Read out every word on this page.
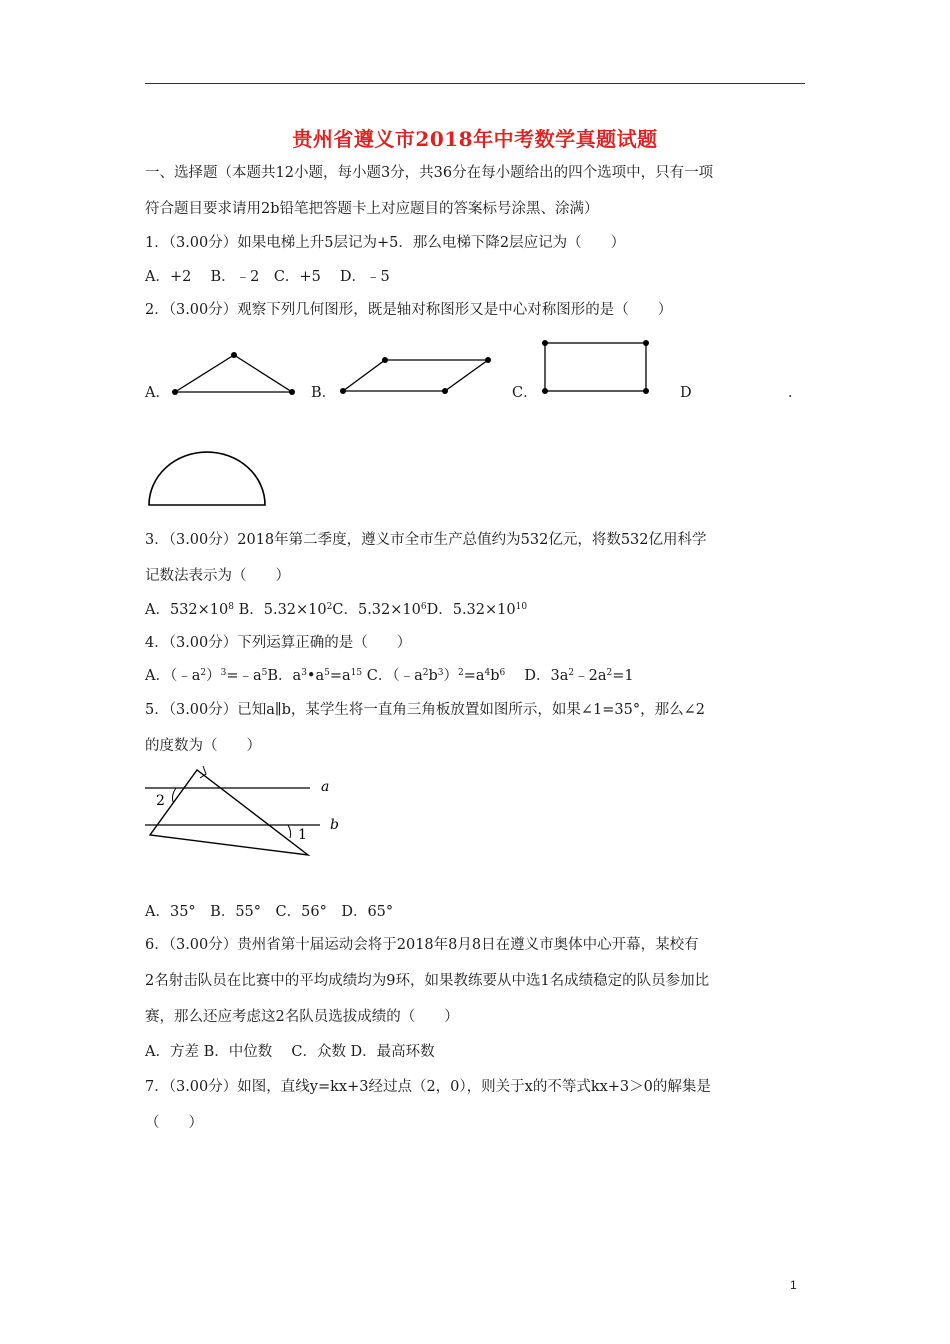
贵州省遵义市2018年中考数学真题试题
一、选择题（本题共12小题，每小题3分，共36分在每小题给出的四个选项中，只有一项
符合题目要求请用2b铅笔把答题卡上对应题目的答案标号涂黑、涂满）
1．（3.00分）如果电梯上升5层记为+5．那么电梯下降2层应记为（　　）
A．+2　 B．﹣2　C．+5　 D．﹣5
2．（3.00分）观察下列几何图形，既是轴对称图形又是中心对称图形的是（　　）
A．	B．	C．	D	．
3．（3.00分）2018年第二季度，遵义市全市生产总值约为532亿元，将数532亿用科学
记数法表示为（　　）
A．$532\times 10^8$ B．$5.32\times 10^2C$．$5.32\times 10^6D$．$5.32\times 10^{10}$
4．（3.00分）下列运算正确的是（　　）
A．$(﹣a^2)^3=﹣a^5B$．$a^3•a^5=a^{15}$ C．$(﹣a^2b^3)^2=a^4b^6$　 D．$3a^2﹣2a^2=1$
5．（3.00分）已知a∥b，某学生将一直角三角板放置如图所示，如果∠1=35°，那么∠2
的度数为（　　）
a
b
1
2
A．35°　B．55°　C．56°　D．65°
6．（3.00分）贵州省第十届运动会将于2018年8月8日在遵义市奥体中心开幕，某校有
2名射击队员在比赛中的平均成绩均为9环，如果教练要从中选1名成绩稳定的队员参加比
赛，那么还应考虑这2名队员选拔成绩的（　　）
A．方差 B．中位数　 C．众数 D．最高环数
7．（3.00分）如图，直线y=kx+3经过点（2，0），则关于x的不等式kx+3＞0的解集是
（　　）
1
